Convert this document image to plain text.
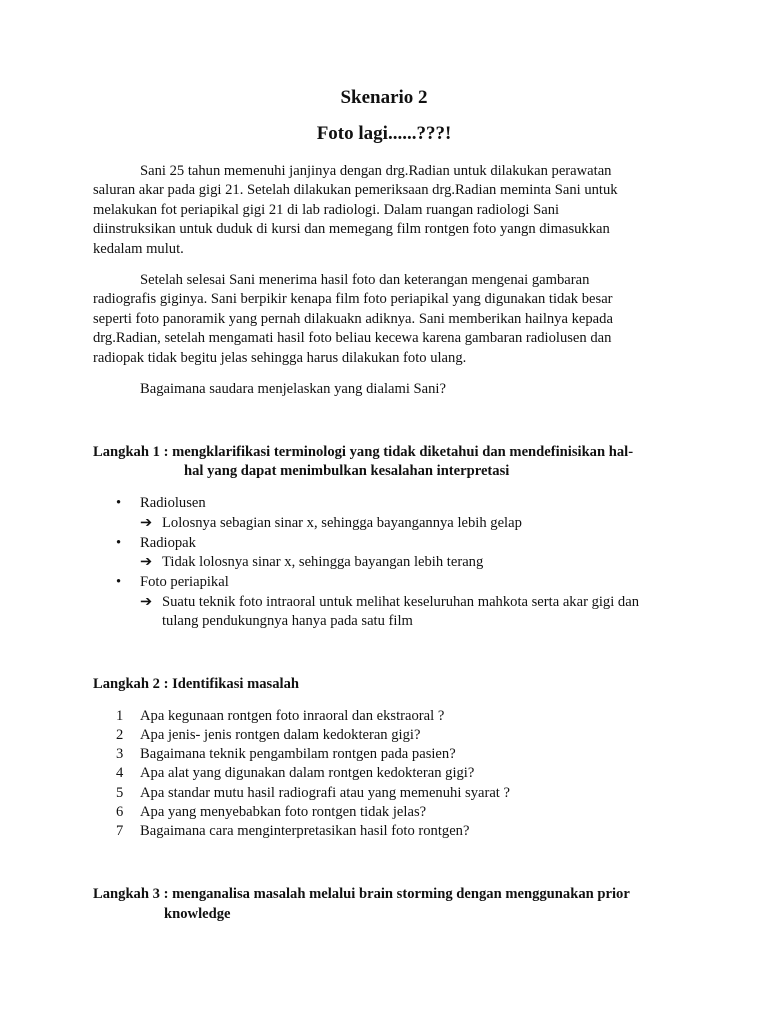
Skenario 2
Foto lagi......???!

Sani 25 tahun memenuhi janjinya dengan drg.Radian untuk dilakukan perawatan

saluran akar pada gigi 21. Setelah dilakukan pemeriksaan drg.Radian meminta Sani untuk

melakukan fot periapikal gigi 21 di lab radiologi. Dalam ruangan radiologi Sani

diinstruksikan untuk duduk di kursi dan memegang film rontgen foto yangn dimasukkan

kedalam mulut.

Setelah selesai Sani menerima hasil foto dan keterangan mengenai gambaran

radiografis giginya. Sani berpikir kenapa film foto periapikal yang digunakan tidak besar

seperti foto panoramik yang pernah dilakuakn adiknya. Sani memberikan hailnya kepada

drg.Radian, setelah mengamati hasil foto beliau kecewa karena gambaran radiolusen dan

radiopak tidak begitu jelas sehingga harus dilakukan foto ulang.

Bagaimana saudara menjelaskan yang dialami Sani?
Langkah 1 : mengklarifikasi terminologi yang tidak diketahui dan mendefinisikan hal-
hal yang dapat menimbulkan kesalahan interpretasi
• Radiolusen
➔ Lolosnya sebagian sinar x, sehingga bayangannya lebih gelap
• Radiopak
➔ Tidak lolosnya sinar x, sehingga bayangan lebih terang
• Foto periapikal
➔ Suatu teknik foto intraoral untuk melihat keseluruhan mahkota serta akar gigi dan
tulang pendukungnya hanya pada satu film
Langkah 2 : Identifikasi masalah
1 Apa kegunaan rontgen foto inraoral dan ekstraoral ?
2 Apa jenis- jenis rontgen dalam kedokteran gigi?
3 Bagaimana teknik pengambilam rontgen pada pasien?
4 Apa alat yang digunakan dalam rontgen kedokteran gigi?
5 Apa standar mutu hasil radiografi atau yang memenuhi syarat ?
6 Apa yang menyebabkan foto rontgen tidak jelas?
7 Bagaimana cara menginterpretasikan hasil foto rontgen?
Langkah 3 : menganalisa masalah melalui brain storming dengan menggunakan prior
knowledge
